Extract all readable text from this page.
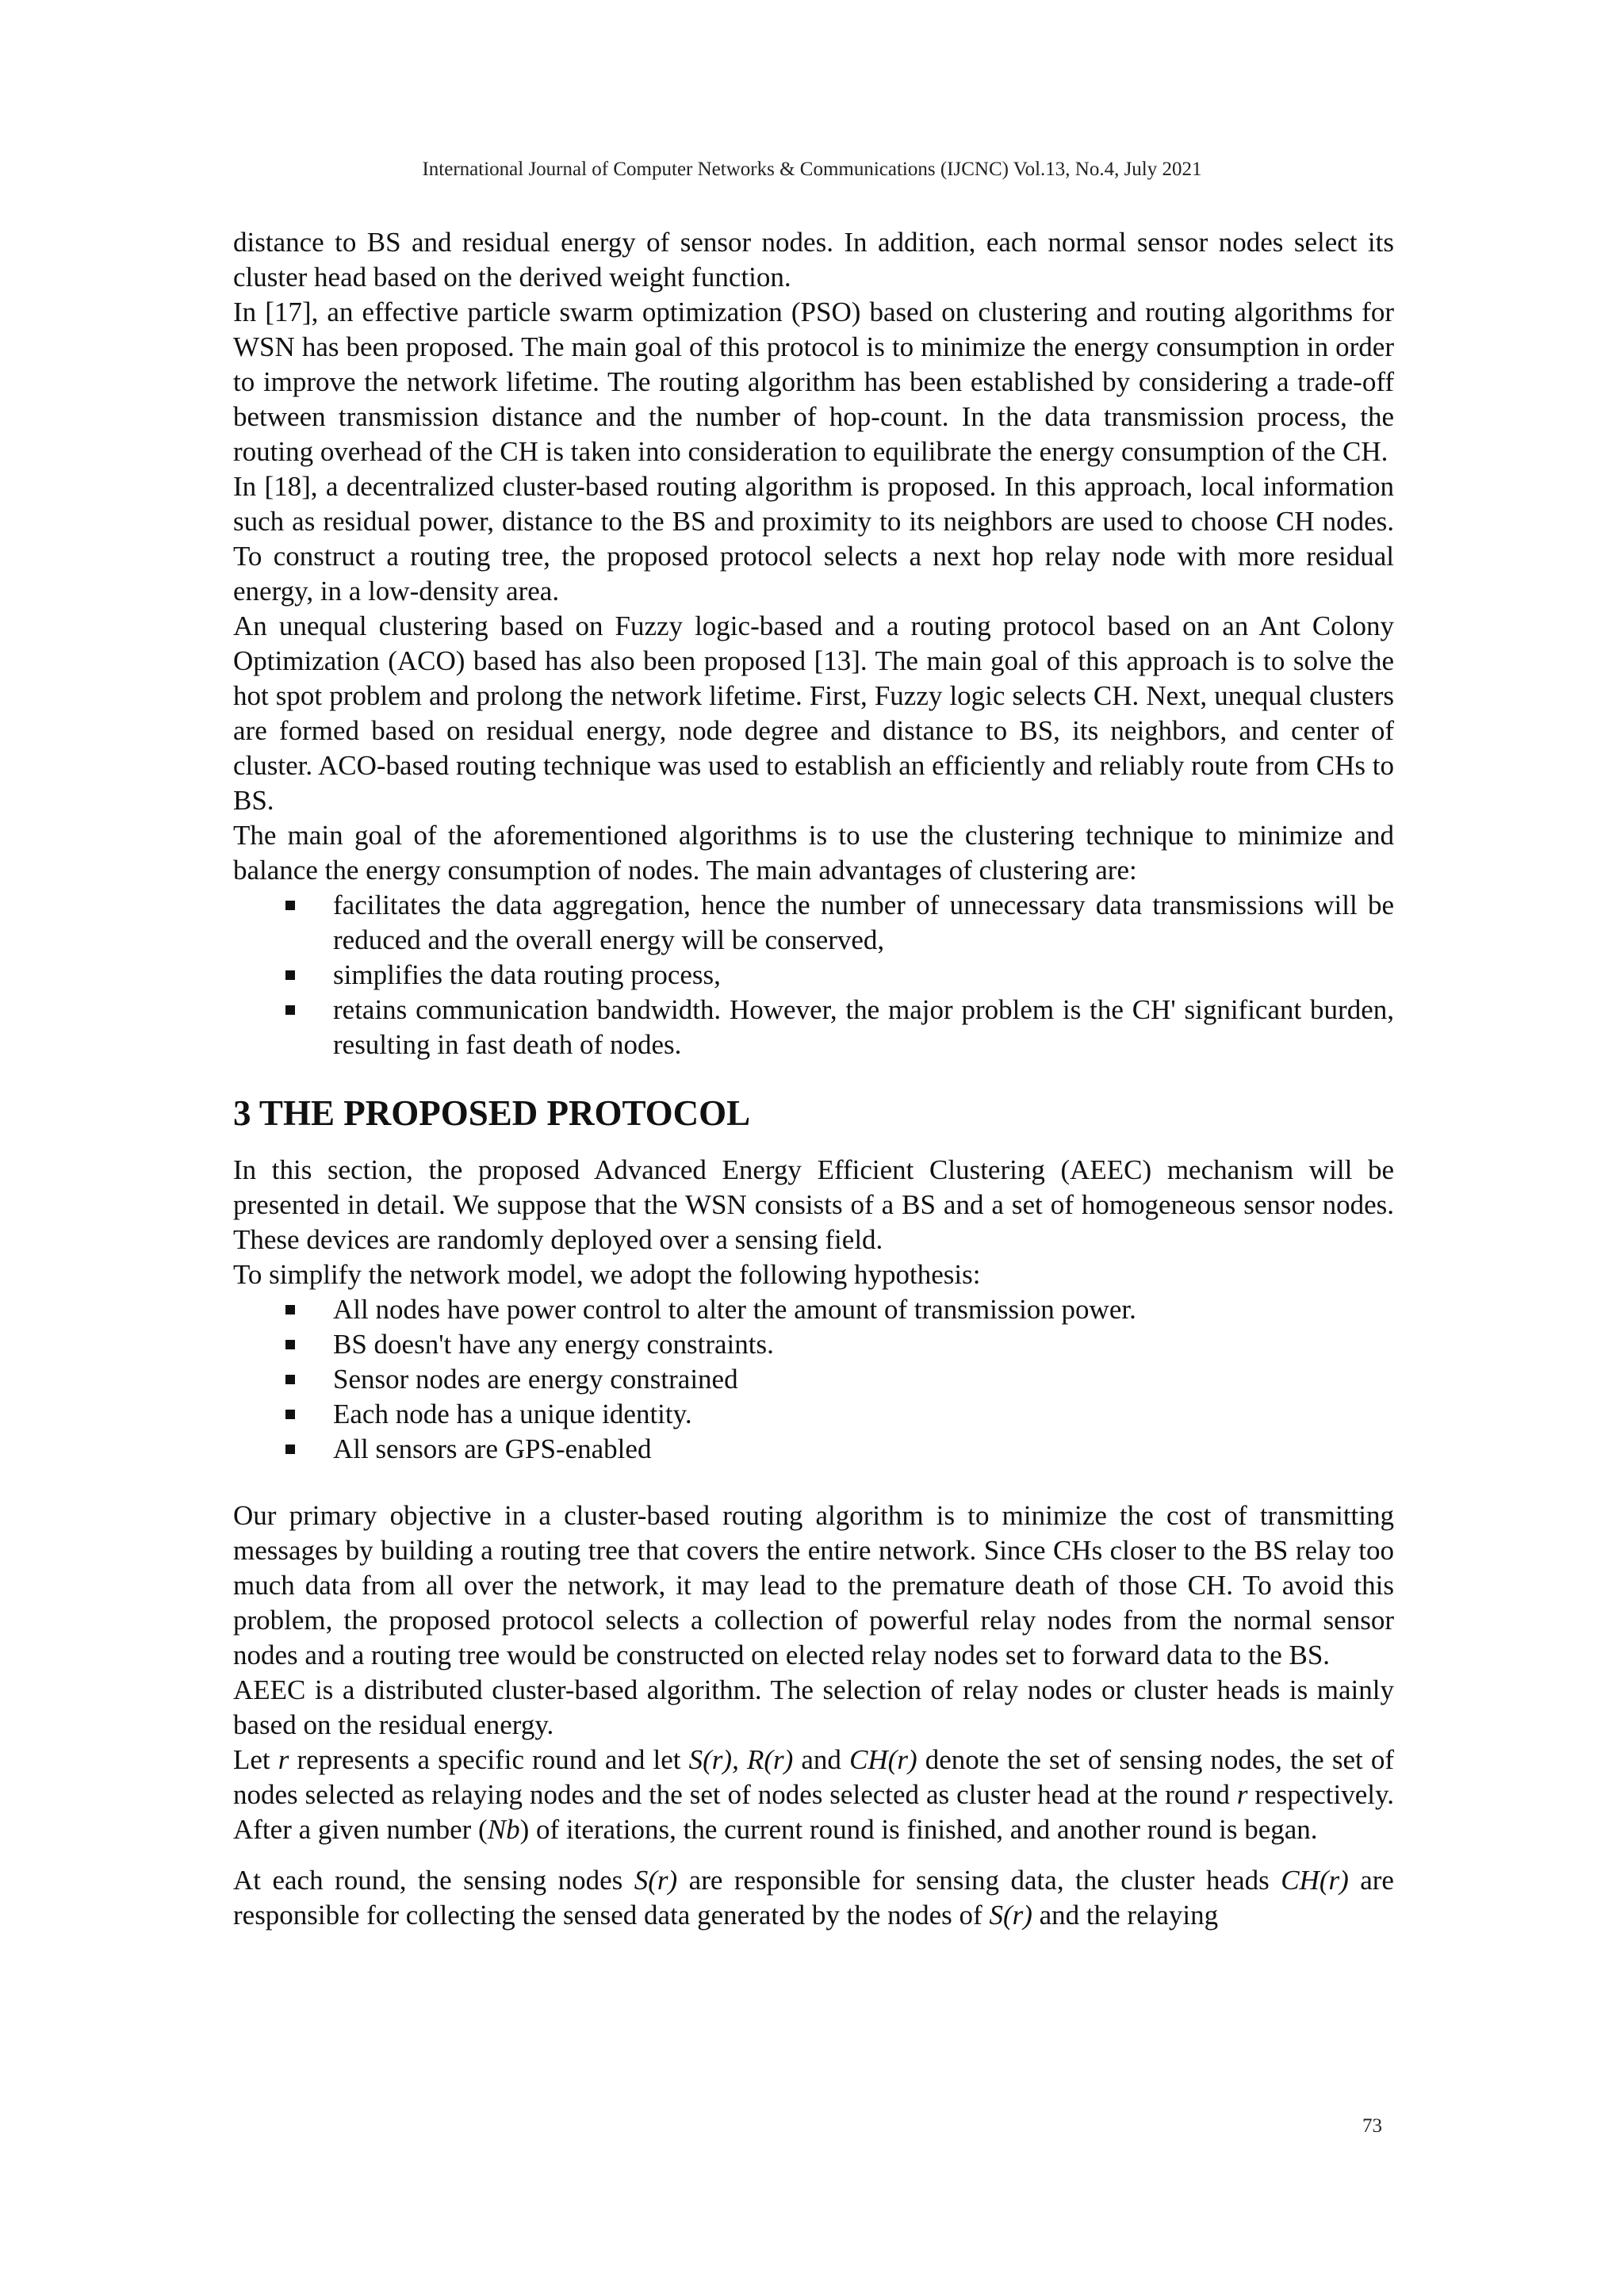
International Journal of Computer Networks & Communications (IJCNC) Vol.13, No.4, July 2021

distance to BS and residual energy of sensor nodes. In addition, each normal sensor nodes select its cluster head based on the derived weight function.

In [17], an effective particle swarm optimization (PSO) based on clustering and routing algorithms for WSN has been proposed. The main goal of this protocol is to minimize the energy consumption in order to improve the network lifetime. The routing algorithm has been established by considering a trade-off between transmission distance and the number of hop-count. In the data transmission process, the routing overhead of the CH is taken into consideration to equilibrate the energy consumption of the CH.

In [18], a decentralized cluster-based routing algorithm is proposed. In this approach, local information such as residual power, distance to the BS and proximity to its neighbors are used to choose CH nodes. To construct a routing tree, the proposed protocol selects a next hop relay node with more residual energy, in a low-density area.

An unequal clustering based on Fuzzy logic-based and a routing protocol based on an Ant Colony Optimization (ACO) based has also been proposed [13]. The main goal of this approach is to solve the hot spot problem and prolong the network lifetime. First, Fuzzy logic selects CH. Next, unequal clusters are formed based on residual energy, node degree and distance to BS, its neighbors, and center of cluster. ACO-based routing technique was used to establish an efficiently and reliably route from CHs to BS.

The main goal of the aforementioned algorithms is to use the clustering technique to minimize and balance the energy consumption of nodes. The main advantages of clustering are:

facilitates the data aggregation, hence the number of unnecessary data transmissions will be reduced and the overall energy will be conserved,
simplifies the data routing process,
retains communication bandwidth. However, the major problem is the CH' significant burden, resulting in fast death of nodes.
3 THE PROPOSED PROTOCOL

In this section, the proposed Advanced Energy Efficient Clustering (AEEC) mechanism will be presented in detail. We suppose that the WSN consists of a BS and a set of homogeneous sensor nodes. These devices are randomly deployed over a sensing field.

To simplify the network model, we adopt the following hypothesis:

All nodes have power control to alter the amount of transmission power.
BS doesn't have any energy constraints.
Sensor nodes are energy constrained
Each node has a unique identity.
All sensors are GPS-enabled

Our primary objective in a cluster-based routing algorithm is to minimize the cost of transmitting messages by building a routing tree that covers the entire network. Since CHs closer to the BS relay too much data from all over the network, it may lead to the premature death of those CH. To avoid this problem, the proposed protocol selects a collection of powerful relay nodes from the normal sensor nodes and a routing tree would be constructed on elected relay nodes set to forward data to the BS.

AEEC is a distributed cluster-based algorithm. The selection of relay nodes or cluster heads is mainly based on the residual energy.

Let r represents a specific round and let S(r), R(r) and CH(r) denote the set of sensing nodes, the set of nodes selected as relaying nodes and the set of nodes selected as cluster head at the round r respectively. After a given number (Nb) of iterations, the current round is finished, and another round is began.

At each round, the sensing nodes S(r) are responsible for sensing data, the cluster heads CH(r) are responsible for collecting the sensed data generated by the nodes of S(r) and the relaying

73
